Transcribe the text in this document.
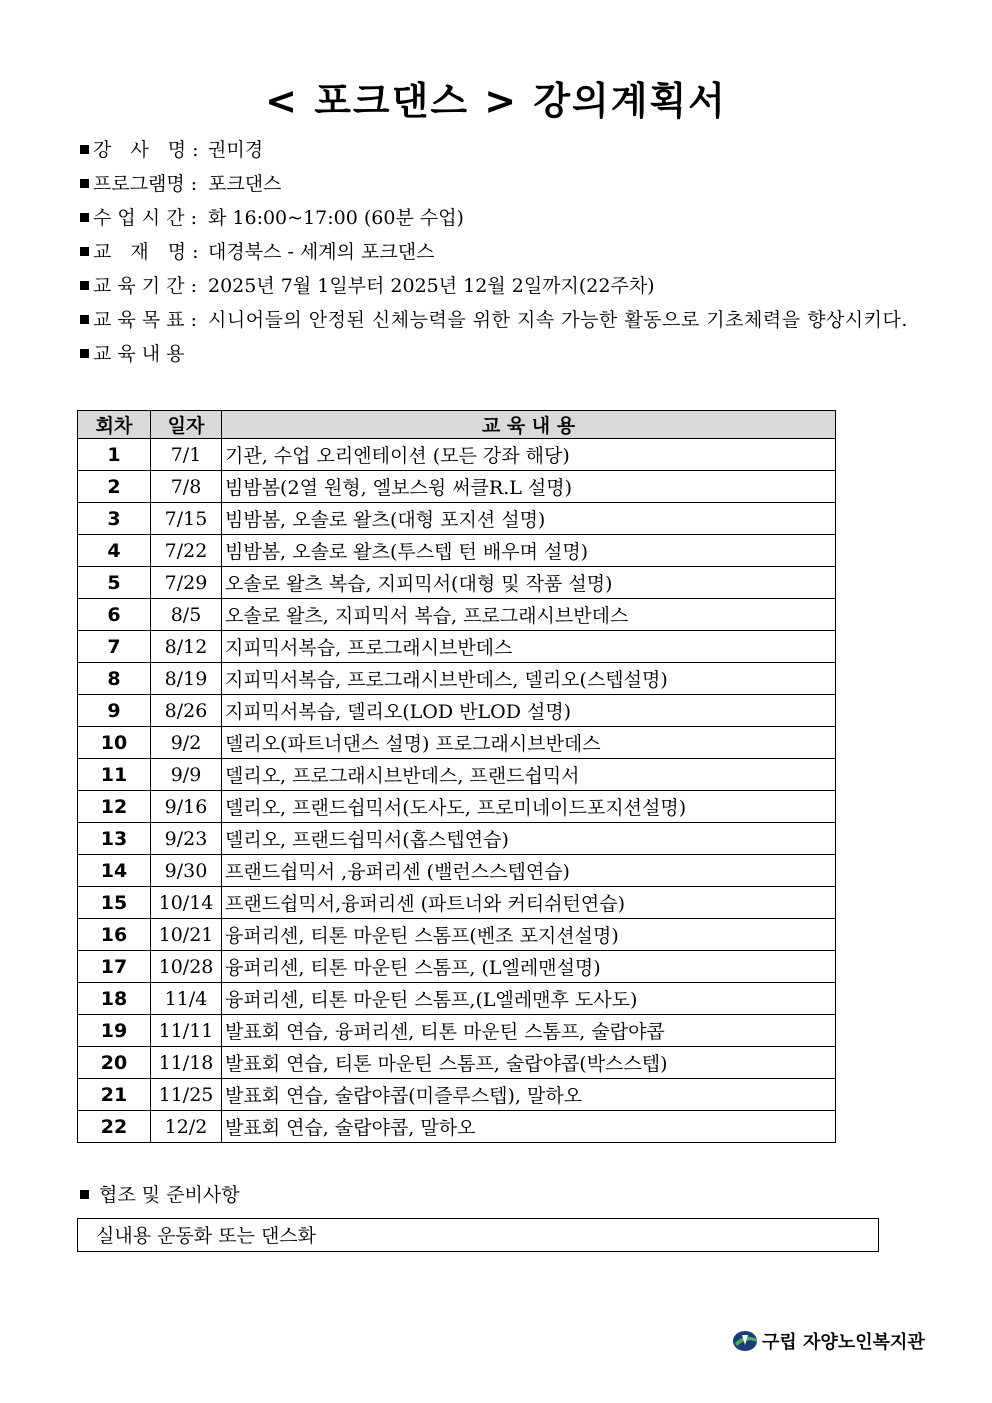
< 포크댄스 > 강의계획서
강　사　명 : 권미경
프로그램명 : 포크댄스
수 업 시 간 : 화 16:00~17:00 (60분 수업)
교　재　명 : 대경북스 - 세계의 포크댄스
교 육 기 간 : 2025년 7월 1일부터 2025년 12월 2일까지(22주차)
교 육 목 표 : 시니어들의 안정된 신체능력을 위한 지속 가능한 활동으로 기초체력을 향상시키다.
교 육 내 용
회차	일자	교 육 내 용
1	7/1	기관, 수업 오리엔테이션 (모든 강좌 해당)
2	7/8	빔밤봄(2열 원형, 엘보스윙 써클R.L 설명)
3	7/15	빔밤봄, 오솔로 왈츠(대형 포지션 설명)
4	7/22	빔밤봄, 오솔로 왈츠(투스텝 턴 배우며 설명)
5	7/29	오솔로 왈츠 복습, 지피믹서(대형 및 작품 설명)
6	8/5	오솔로 왈츠, 지피믹서 복습, 프로그래시브반데스
7	8/12	지피믹서복습, 프로그래시브반데스
8	8/19	지피믹서복습, 프로그래시브반데스, 델리오(스텝설명)
9	8/26	지피믹서복습, 델리오(LOD 반LOD 설명)
10	9/2	델리오(파트너댄스 설명) 프로그래시브반데스
11	9/9	델리오, 프로그래시브반데스, 프랜드쉽믹서
12	9/16	델리오, 프랜드쉽믹서(도사도, 프로미네이드포지션설명)
13	9/23	델리오, 프랜드쉽믹서(홉스텝연습)
14	9/30	프랜드쉽믹서 ,융퍼리센 (밸런스스텝연습)
15	10/14	프랜드쉽믹서,융퍼리센 (파트너와 커티쉬턴연습)
16	10/21	융퍼리센, 티톤 마운틴 스톰프(벤조 포지션설명)
17	10/28	융퍼리센, 티톤 마운틴 스톰프, (L엘레맨설명)
18	11/4	융퍼리센, 티톤 마운틴 스톰프,(L엘레맨후 도사도)
19	11/11	발표회 연습, 융퍼리센, 티톤 마운틴 스톰프, 술랍야콥
20	11/18	발표회 연습, 티톤 마운틴 스톰프, 술랍야콥(박스스텝)
21	11/25	발표회 연습, 술랍야콥(미즐루스텝), 말하오
22	12/2	발표회 연습, 술랍야콥, 말하오
협조 및 준비사항
실내용 운동화 또는 댄스화
구립 자양노인복지관
